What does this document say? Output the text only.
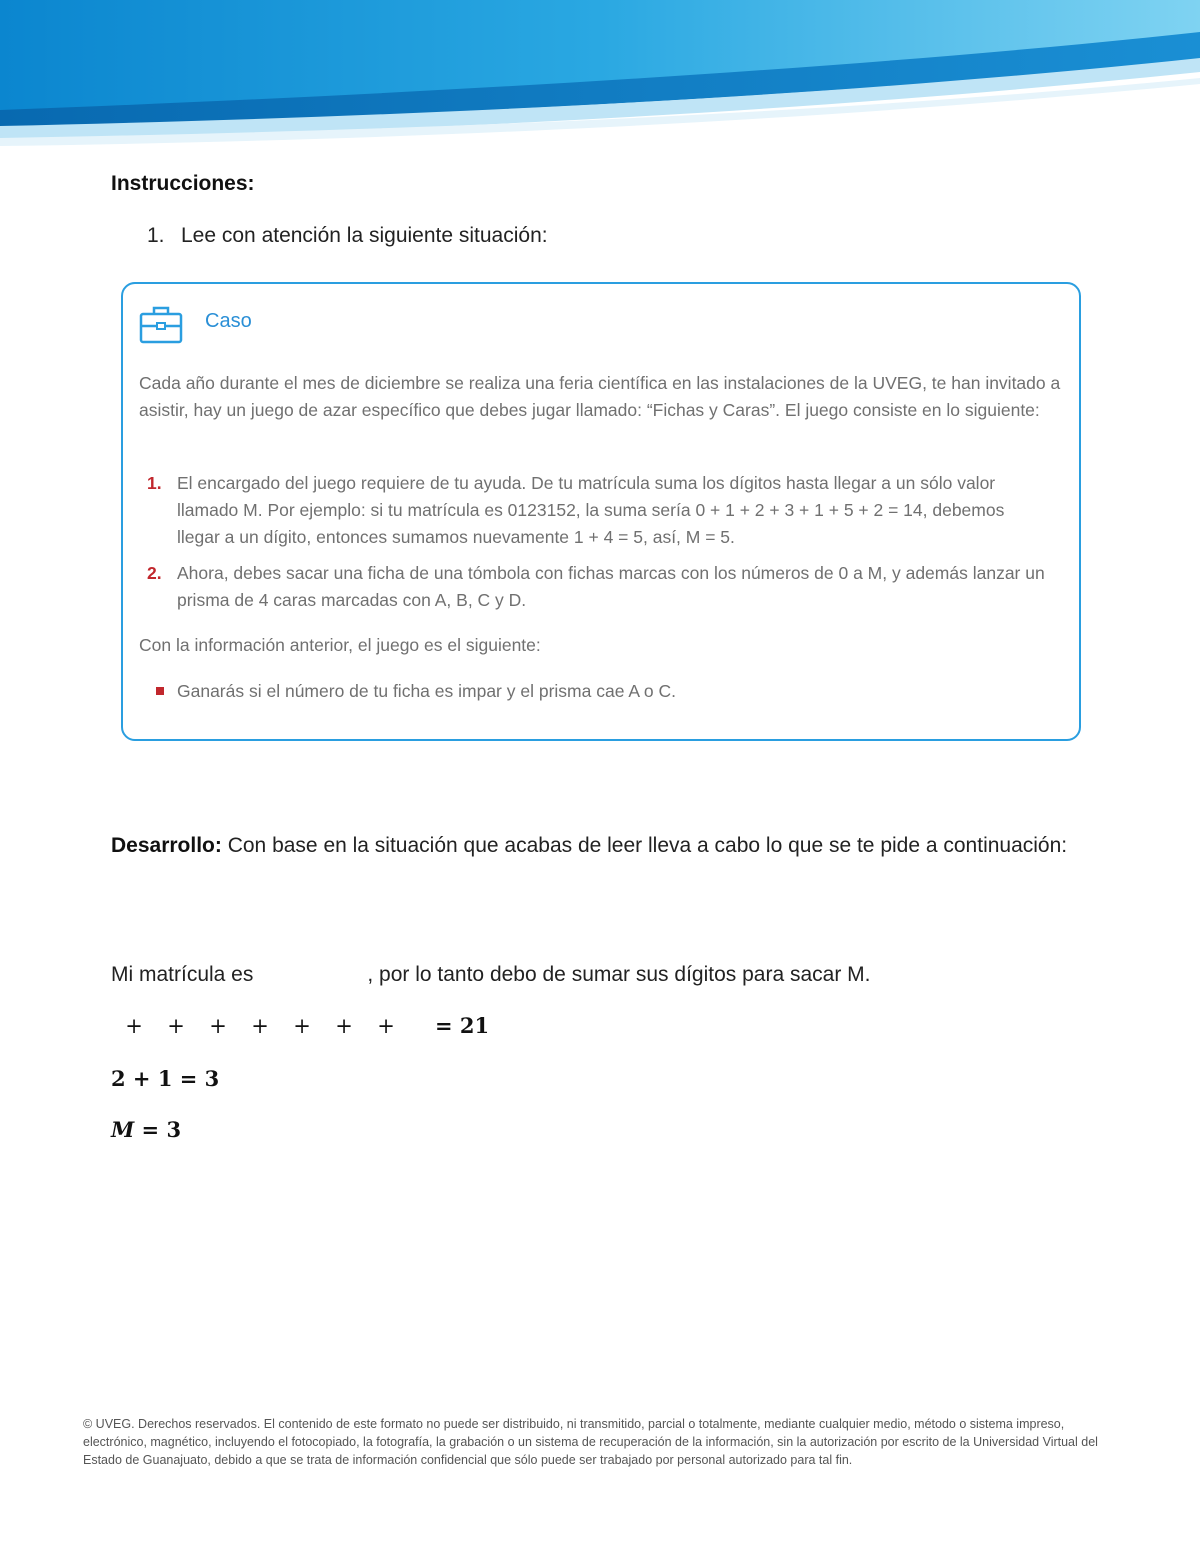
Instrucciones:
1. Lee con atención la siguiente situación:
Caso
Cada año durante el mes de diciembre se realiza una feria científica en las instalaciones de la UVEG, te han invitado a asistir, hay un juego de azar específico que debes jugar llamado: “Fichas y Caras”. El juego consiste en lo siguiente:
1. El encargado del juego requiere de tu ayuda. De tu matrícula suma los dígitos hasta llegar a un sólo valor llamado M. Por ejemplo: si tu matrícula es 0123152, la suma sería 0 + 1 + 2 + 3 + 1 + 5 + 2 = 14, debemos llegar a un dígito, entonces sumamos nuevamente 1 + 4 = 5, así, M = 5.
2. Ahora, debes sacar una ficha de una tómbola con fichas marcas con los números de 0 a M, y además lanzar un prisma de 4 caras marcadas con A, B, C y D.
Con la información anterior, el juego es el siguiente:
Ganarás si el número de tu ficha es impar y el prisma cae A o C.
Desarrollo: Con base en la situación que acabas de leer lleva a cabo lo que se te pide a continuación:
Mi matrícula es	, por lo tanto debo de sumar sus dígitos para sacar M.
+ + + + + + + = 21
2 + 1 = 3
M = 3
© UVEG. Derechos reservados. El contenido de este formato no puede ser distribuido, ni transmitido, parcial o totalmente, mediante cualquier medio, método o sistema impreso, electrónico, magnético, incluyendo el fotocopiado, la fotografía, la grabación o un sistema de recuperación de la información, sin la autorización por escrito de la Universidad Virtual del Estado de Guanajuato, debido a que se trata de información confidencial que sólo puede ser trabajado por personal autorizado para tal fin.
